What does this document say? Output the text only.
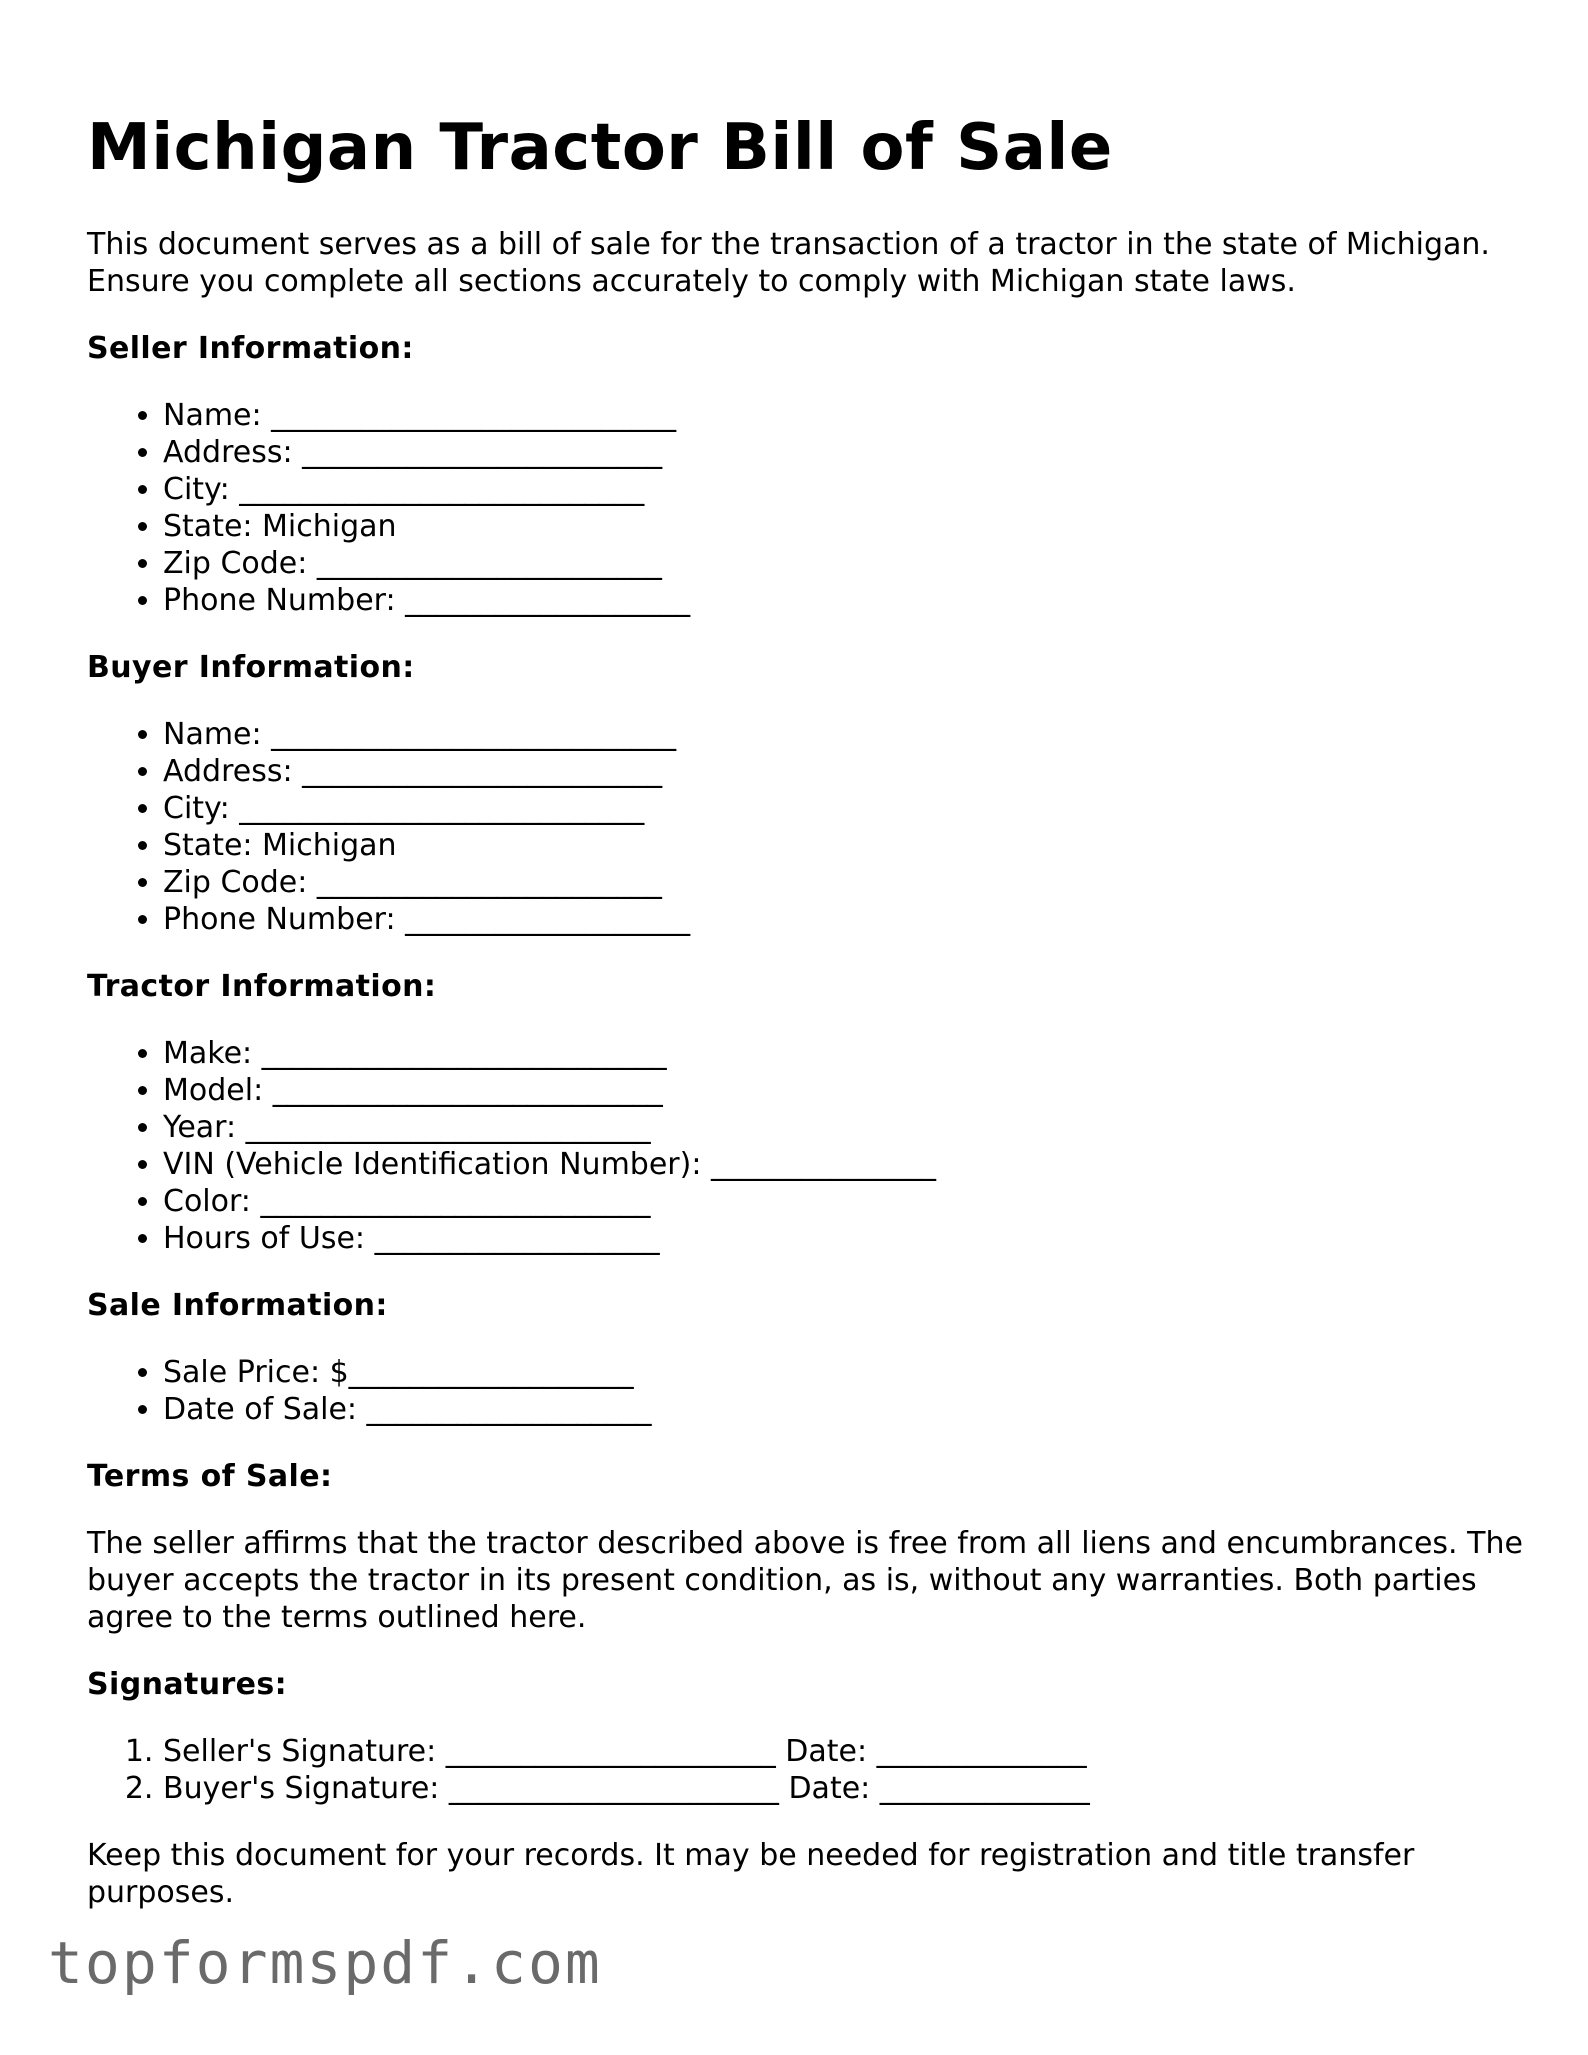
Michigan Tractor Bill of Sale

This document serves as a bill of sale for the transaction of a tractor in the state of Michigan. Ensure you complete all sections accurately to comply with Michigan state laws.

Seller Information:
• Name: ___________________________
• Address: ________________________
• City: ___________________________
• State: Michigan
• Zip Code: _______________________
• Phone Number: ___________________
Buyer Information:
• Name: ___________________________
• Address: ________________________
• City: ___________________________
• State: Michigan
• Zip Code: _______________________
• Phone Number: ___________________
Tractor Information:
• Make: ___________________________
• Model: __________________________
• Year: ___________________________
• VIN (Vehicle Identification Number): _______________
• Color: __________________________
• Hours of Use: ___________________
Sale Information:
• Sale Price: $___________________
• Date of Sale: ___________________
Terms of Sale:

The seller affirms that the tractor described above is free from all liens and encumbrances. The buyer accepts the tractor in its present condition, as is, without any warranties. Both parties agree to the terms outlined here.

Signatures:
1. Seller's Signature: ______________________ Date: ______________
2. Buyer's Signature: ______________________ Date: ______________

Keep this document for your records. It may be needed for registration and title transfer purposes.

topformspdf.com
